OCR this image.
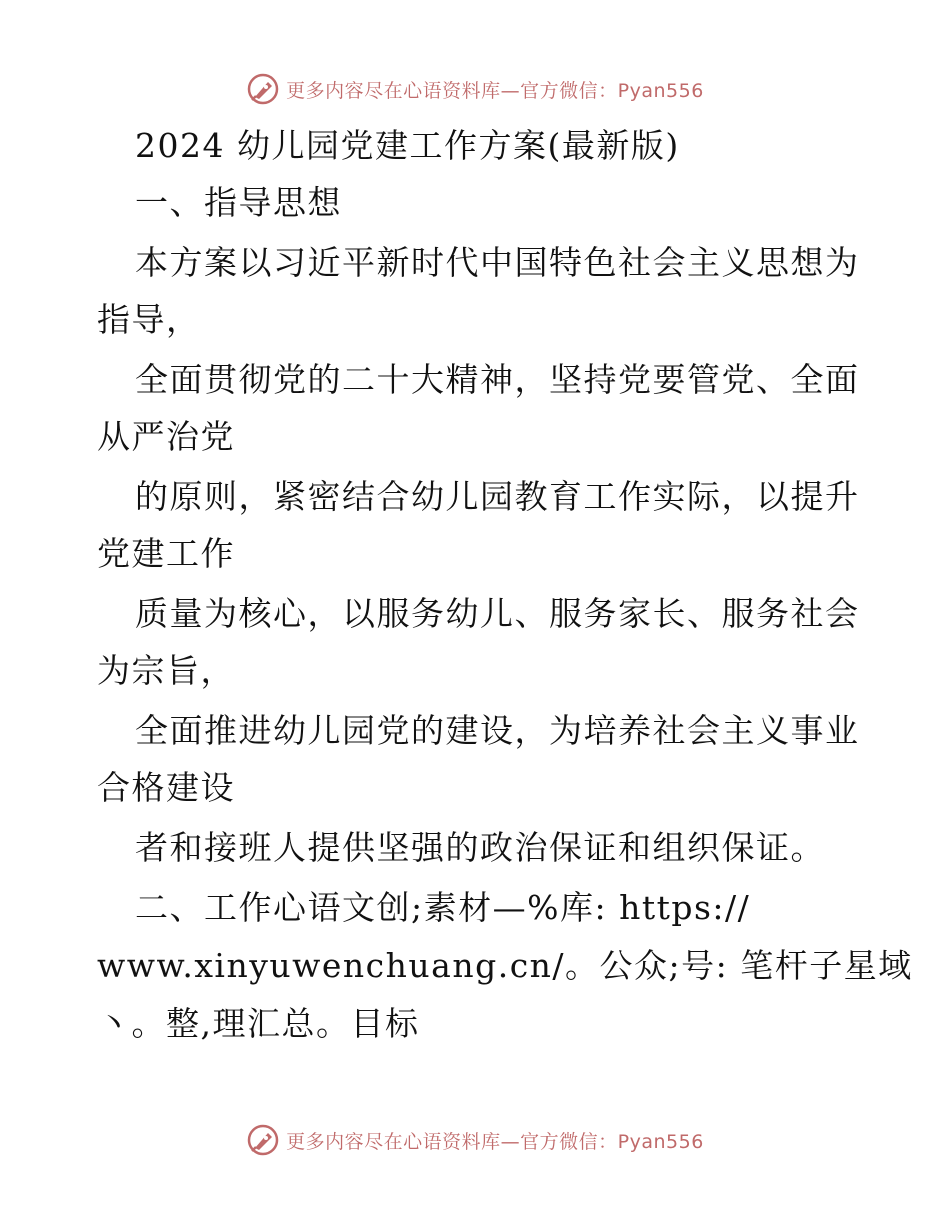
更多内容尽在心语资料库—官方微信：Pyan556
2024 幼儿园党建工作方案(最新版)
一、指导思想
本方案以习近平新时代中国特色社会主义思想为
指导，
全面贯彻党的二十大精神，坚持党要管党、全面
从严治党
的原则，紧密结合幼儿园教育工作实际，以提升
党建工作
质量为核心，以服务幼儿、服务家长、服务社会
为宗旨，
全面推进幼儿园党的建设，为培养社会主义事业
合格建设
者和接班人提供坚强的政治保证和组织保证。
二、工作心语文创;素材—%库: https://
www.xinyuwenchuang.cn/。公众;号: 笔杆子星域
丶。整,理汇总。目标
更多内容尽在心语资料库—官方微信：Pyan556
